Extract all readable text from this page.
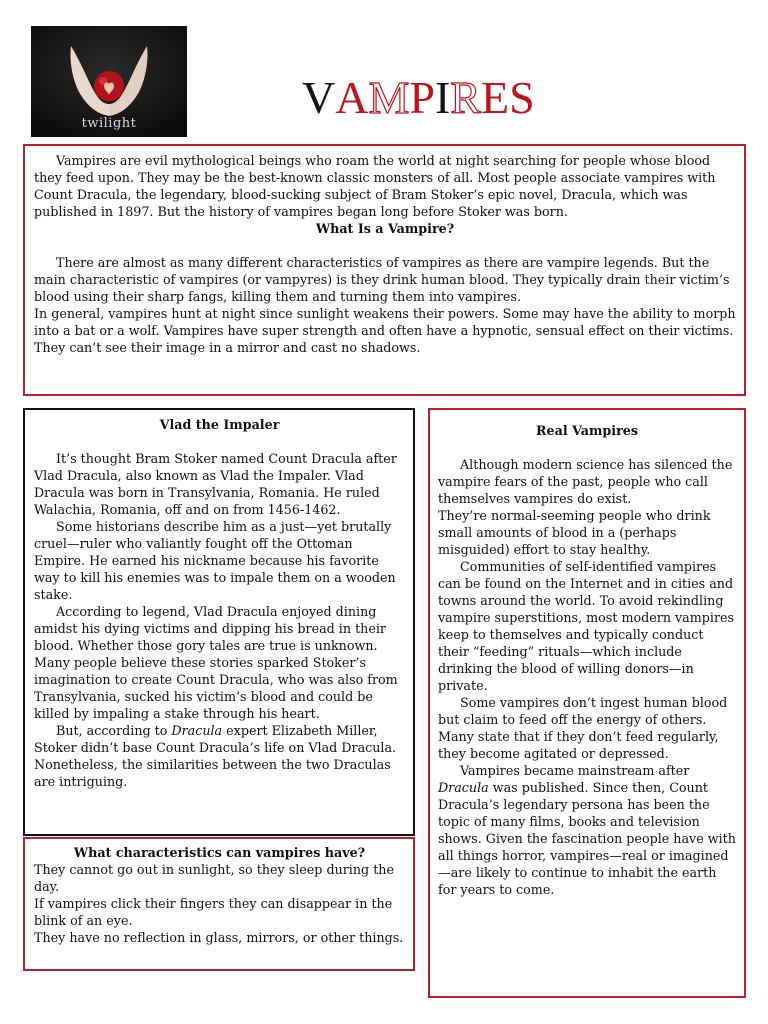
twilight
VAMPIRES

Vampires are evil mythological beings who roam the world at night searching for people whose blood they feed upon. They may be the best-known classic monsters of all. Most people associate vampires with Count Dracula, the legendary, blood-sucking subject of Bram Stoker’s epic novel, Dracula, which was published in 1897. But the history of vampires began long before Stoker was born.

What Is a Vampire?

There are almost as many different characteristics of vampires as there are vampire legends. But the main characteristic of vampires (or vampyres) is they drink human blood. They typically drain their victim’s blood using their sharp fangs, killing them and turning them into vampires.

In general, vampires hunt at night since sunlight weakens their powers. Some may have the ability to morph into a bat or a wolf. Vampires have super strength and often have a hypnotic, sensual effect on their victims. They can’t see their image in a mirror and cast no shadows.

Vlad the Impaler

It’s thought Bram Stoker named Count Dracula after Vlad Dracula, also known as Vlad the Impaler. Vlad Dracula was born in Transylvania, Romania. He ruled Walachia, Romania, off and on from 1456-1462.

Some historians describe him as a just—yet brutally cruel—ruler who valiantly fought off the Ottoman Empire. He earned his nickname because his favorite way to kill his enemies was to impale them on a wooden stake.

According to legend, Vlad Dracula enjoyed dining amidst his dying victims and dipping his bread in their blood. Whether those gory tales are true is unknown. Many people believe these stories sparked Stoker’s imagination to create Count Dracula, who was also from Transylvania, sucked his victim’s blood and could be killed by impaling a stake through his heart.

But, according to Dracula expert Elizabeth Miller, Stoker didn’t base Count Dracula’s life on Vlad Dracula. Nonetheless, the similarities between the two Draculas are intriguing.

What characteristics can vampires have?

They cannot go out in sunlight, so they sleep during the day.

If vampires click their fingers they can disappear in the blink of an eye.

They have no reflection in glass, mirrors, or other things.

Real Vampires

Although modern science has silenced the vampire fears of the past, people who call themselves vampires do exist.

They’re normal-seeming people who drink small amounts of blood in a (perhaps misguided) effort to stay healthy.

Communities of self-identified vampires can be found on the Internet and in cities and towns around the world. To avoid rekindling vampire superstitions, most modern vampires keep to themselves and typically conduct their “feeding” rituals—which include drinking the blood of willing donors—in private.

Some vampires don’t ingest human blood but claim to feed off the energy of others. Many state that if they don’t feed regularly, they become agitated or depressed.

Vampires became mainstream after Dracula was published. Since then, Count Dracula’s legendary persona has been the topic of many films, books and television shows. Given the fascination people have with all things horror, vampires—real or imagined—are likely to continue to inhabit the earth for years to come.
